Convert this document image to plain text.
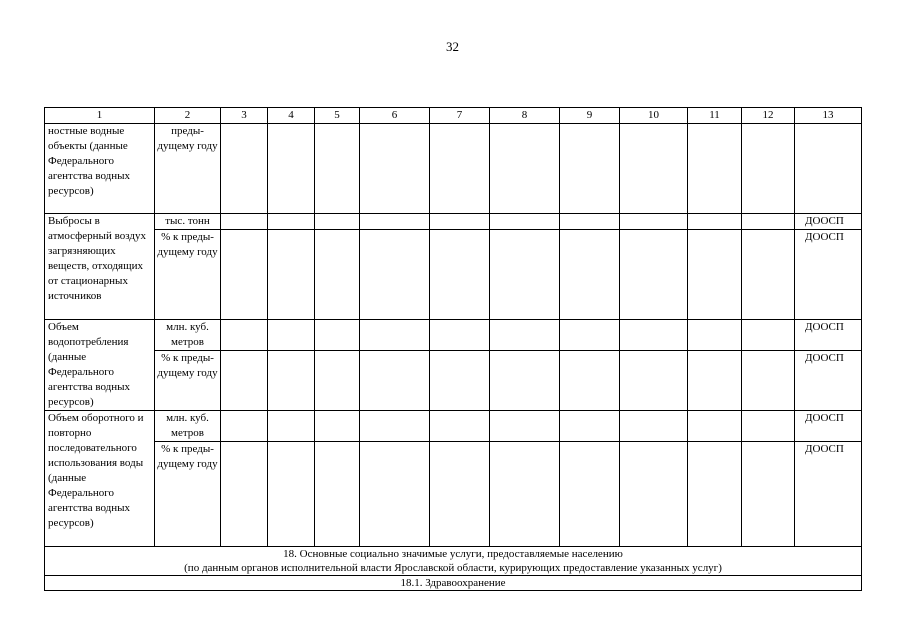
32
1	2	3	4	5	6	7	8	9	10	11	12	13
ностные водные объекты (данные Федерального агентства водных ресурсов)	предыдущему году											
Выбросы в атмосферный воздух загрязняющих веществ, отходящих от стационарных источников	тыс. тонн											ДООСП
	% к предыдущему году											ДООСП
Объем водопотребления (данные Федерального агентства водных ресурсов)	млн. куб. метров											ДООСП
	% к предыдущему году											ДООСП
Объем оборотного и повторно последовательного использования воды (данные Федерального агентства водных ресурсов)	млн. куб. метров											ДООСП
	% к предыдущему году											ДООСП

18. Основные социально значимые услуги, предоставляемые населению
(по данным органов исполнительной власти Ярославской области, курирующих предоставление указанных услуг)												

18.1. Здравоохранение												
